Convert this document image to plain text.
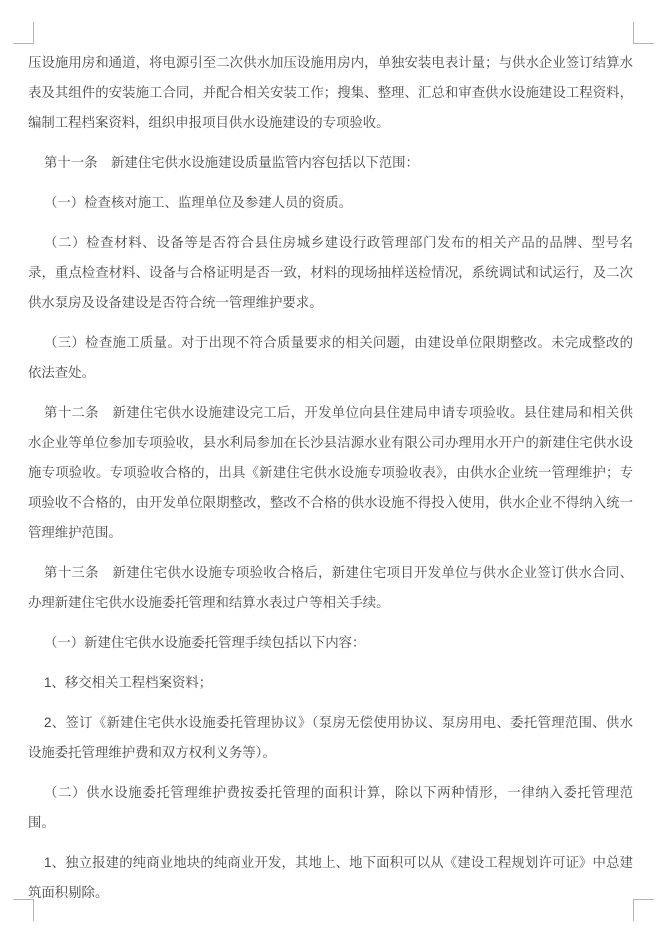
压设施用房和通道，将电源引至二次供水加压设施用房内，单独安装电表计量；与供水企业签订结算水表及其组件的安装施工合同，并配合相关安装工作；搜集、整理、汇总和审查供水设施建设工程资料，编制工程档案资料，组织申报项目供水设施建设的专项验收。

第十一条　新建住宅供水设施建设质量监管内容包括以下范围：

（一）检查核对施工、监理单位及参建人员的资质。

（二）检查材料、设备等是否符合县住房城乡建设行政管理部门发布的相关产品的品牌、型号名录，重点检查材料、设备与合格证明是否一致，材料的现场抽样送检情况，系统调试和试运行，及二次供水泵房及设备建设是否符合统一管理维护要求。

（三）检查施工质量。对于出现不符合质量要求的相关问题，由建设单位限期整改。未完成整改的依法查处。

第十二条　新建住宅供水设施建设完工后，开发单位向县住建局申请专项验收。县住建局和相关供水企业等单位参加专项验收，县水利局参加在长沙县洁源水业有限公司办理用水开户的新建住宅供水设施专项验收。专项验收合格的，出具《新建住宅供水设施专项验收表》，由供水企业统一管理维护；专项验收不合格的，由开发单位限期整改，整改不合格的供水设施不得投入使用，供水企业不得纳入统一管理维护范围。

第十三条　新建住宅供水设施专项验收合格后，新建住宅项目开发单位与供水企业签订供水合同、办理新建住宅供水设施委托管理和结算水表过户等相关手续。

（一）新建住宅供水设施委托管理手续包括以下内容：

1、移交相关工程档案资料；

2、签订《新建住宅供水设施委托管理协议》（泵房无偿使用协议、泵房用电、委托管理范围、供水设施委托管理维护费和双方权利义务等）。

（二）供水设施委托管理维护费按委托管理的面积计算，除以下两种情形，一律纳入委托管理范围。

1、独立报建的纯商业地块的纯商业开发，其地上、地下面积可以从《建设工程规划许可证》中总建筑面积剔除。
